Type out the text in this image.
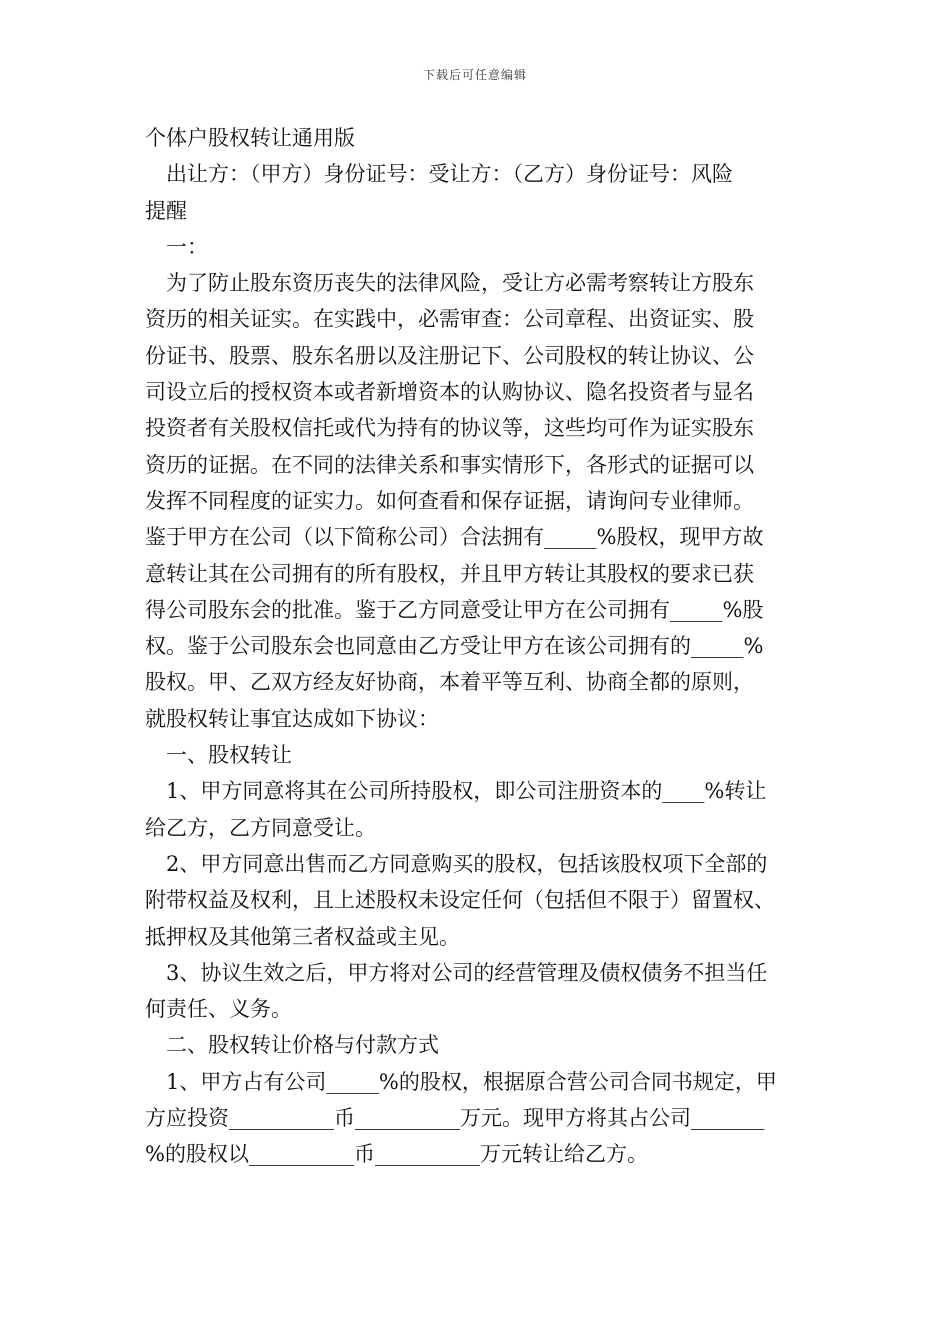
下载后可任意编辑

个体户股权转让通用版

出让方：（甲方）身份证号：受让方：（乙方）身份证号：风险

提醒

一：

为了防止股东资历丧失的法律风险，受让方必需考察转让方股东

资历的相关证实。在实践中，必需审查：公司章程、出资证实、股

份证书、股票、股东名册以及注册记下、公司股权的转让协议、公

司设立后的授权资本或者新增资本的认购协议、隐名投资者与显名

投资者有关股权信托或代为持有的协议等，这些均可作为证实股东

资历的证据。在不同的法律关系和事实情形下，各形式的证据可以

发挥不同程度的证实力。如何查看和保存证据，请询问专业律师。

鉴于甲方在公司（以下简称公司）合法拥有_____%股权，现甲方故

意转让其在公司拥有的所有股权，并且甲方转让其股权的要求已获

得公司股东会的批准。鉴于乙方同意受让甲方在公司拥有_____%股

权。鉴于公司股东会也同意由乙方受让甲方在该公司拥有的_____%

股权。甲、乙双方经友好协商，本着平等互利、协商全都的原则，

就股权转让事宜达成如下协议：

一、股权转让

1、甲方同意将其在公司所持股权，即公司注册资本的____%转让

给乙方，乙方同意受让。

2、甲方同意出售而乙方同意购买的股权，包括该股权项下全部的

附带权益及权利，且上述股权未设定任何（包括但不限于）留置权、

抵押权及其他第三者权益或主见。

3、协议生效之后，甲方将对公司的经营管理及债权债务不担当任

何责任、义务。

二、股权转让价格与付款方式

1、甲方占有公司_____%的股权，根据原合营公司合同书规定，甲

方应投资__________币__________万元。现甲方将其占公司_______

%的股权以__________币__________万元转让给乙方。
